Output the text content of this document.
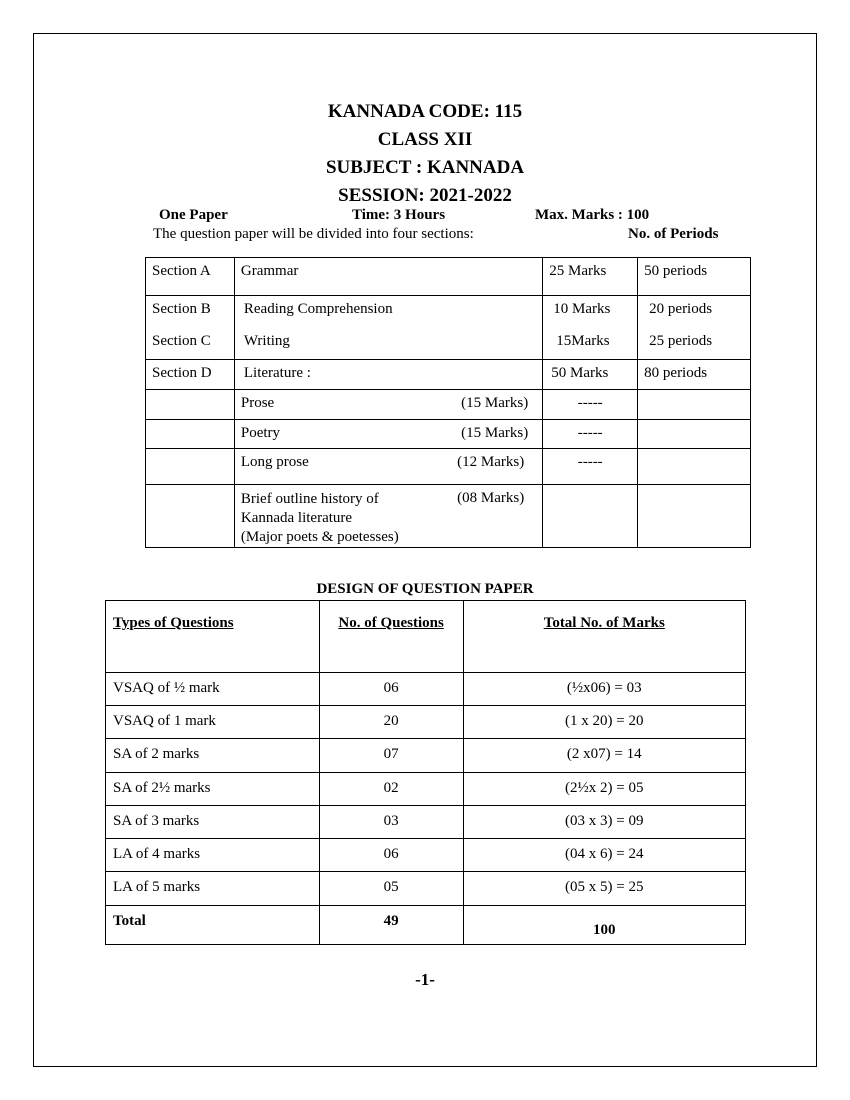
KANNADA CODE: 115
CLASS XII
SUBJECT : KANNADA
SESSION: 2021-2022
One Paper	Time: 3 Hours	Max. Marks : 100
The question paper will be divided into four sections:	No. of Periods
Section A	Grammar	25 Marks	50 periods
Section B	Reading Comprehension	10 Marks	20 periods
Section C	Writing	15Marks	25 periods
Section D	Literature :	50 Marks	80 periods

	Prose (15 Marks)	-----	

	Poetry (15 Marks)	-----	

	Long prose (12 Marks)	-----	

	Brief outline history of
Kannada literature
(Major poets & poetesses)
(08 Marks)		

DESIGN OF QUESTION PAPER
Types of Questions	No. of Questions	Total No. of Marks

VSAQ of ½ mark	06	(½x06) = 03
VSAQ of 1 mark	20	(1 x 20) = 20
SA of 2 marks	07	(2 x07) = 14
SA of 2½ marks	02	(2½x 2) = 05
SA of 3 marks	03	(03 x 3) = 09
LA of 4 marks	06	(04 x 6) = 24
LA of 5 marks	05	(05 x 5) = 25
Total	49	100
-1-
